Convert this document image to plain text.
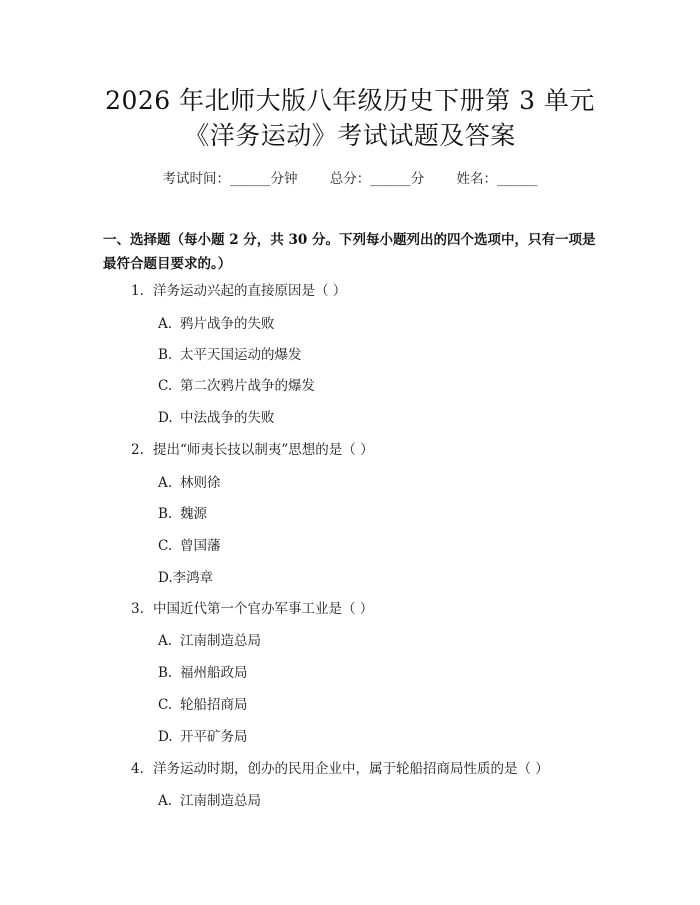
2026 年北师大版八年级历史下册第 3 单元
《洋务运动》考试试题及答案
考试时间：______分钟 总分：______分 姓名：______
一、选择题（每小题 2 分，共 30 分。下列每小题列出的四个选项中，只有一项是最符合题目要求的。）
1. 洋务运动兴起的直接原因是（ ）
A. 鸦片战争的失败
B. 太平天国运动的爆发
C. 第二次鸦片战争的爆发
D. 中法战争的失败
2. 提出“师夷长技以制夷”思想的是（ ）
A. 林则徐
B. 魏源
C. 曾国藩
D.李鸿章
3. 中国近代第一个官办军事工业是（ ）
A. 江南制造总局
B. 福州船政局
C. 轮船招商局
D. 开平矿务局
4. 洋务运动时期，创办的民用企业中，属于轮船招商局性质的是（ ）
A. 江南制造总局
